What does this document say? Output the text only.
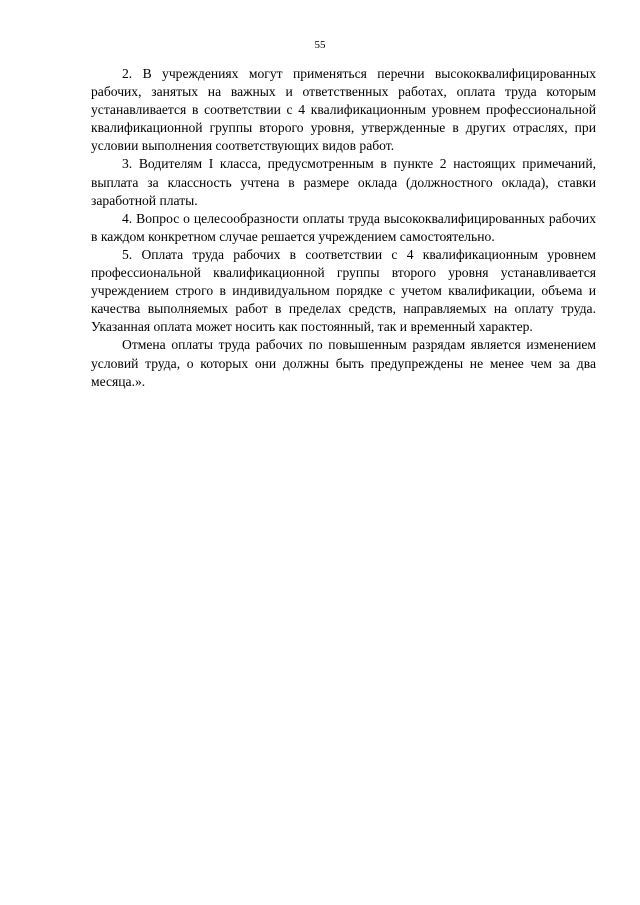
55

2. В учреждениях могут применяться перечни высококвалифицированных рабочих, занятых на важных и ответственных работах, оплата труда которым устанавливается в соответствии с 4 квалификационным уровнем профессиональной квалификационной группы второго уровня, утвержденные в других отраслях, при условии выполнения соответствующих видов работ.

3. Водителям I класса, предусмотренным в пункте 2 настоящих примечаний, выплата за классность учтена в размере оклада (должностного оклада), ставки заработной платы.

4. Вопрос о целесообразности оплаты труда высококвалифицированных рабочих в каждом конкретном случае решается учреждением самостоятельно.

5. Оплата труда рабочих в соответствии с 4 квалификационным уровнем профессиональной квалификационной группы второго уровня устанавливается учреждением строго в индивидуальном порядке с учетом квалификации, объема и качества выполняемых работ в пределах средств, направляемых на оплату труда. Указанная оплата может носить как постоянный, так и временный характер.

Отмена оплаты труда рабочих по повышенным разрядам является изменением условий труда, о которых они должны быть предупреждены не менее чем за два месяца.».
